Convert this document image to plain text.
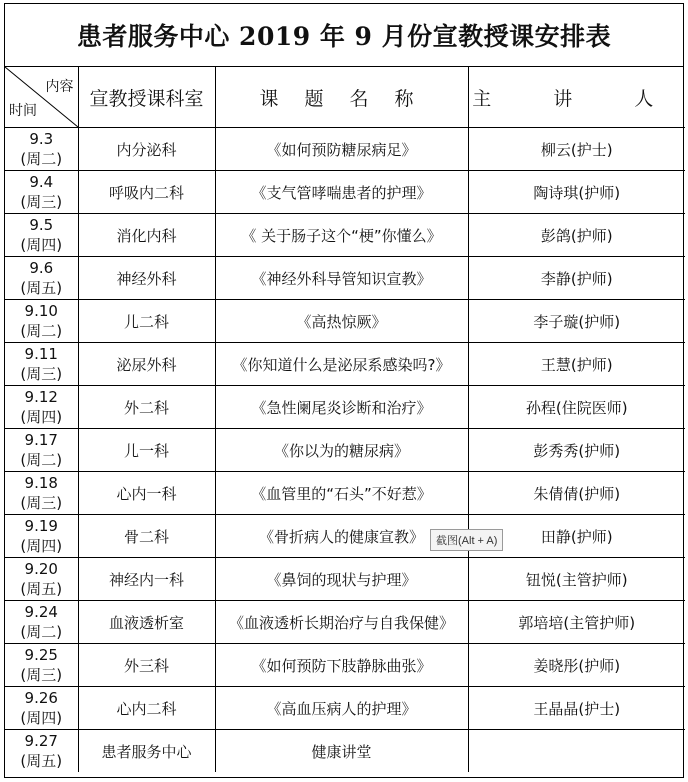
患者服务中心 2019 年 9 月份宣教授课安排表
内容
时间	宣教授课科室	课 题 名 称	主 讲 人

9.3
(周二)	内分泌科	《如何预防糖尿病足》	柳云(护士)

9.4
(周三)	呼吸内二科	《支气管哮喘患者的护理》	陶诗琪(护师)

9.5
(周四)	消化内科	《 关于肠子这个“梗”你懂么》	彭鸽(护师)

9.6
(周五)	神经外科	《神经外科导管知识宣教》	李静(护师)

9.10
(周二)	儿二科	《高热惊厥》	李子璇(护师)

9.11
(周三)	泌尿外科	《你知道什么是泌尿系感染吗?》	王慧(护师)

9.12
(周四)	外二科	《急性阑尾炎诊断和治疗》	孙程(住院医师)

9.17
(周二)	儿一科	《你以为的糖尿病》	彭秀秀(护师)

9.18
(周三)	心内一科	《血管里的“石头”不好惹》	朱倩倩(护师)

9.19
(周四)	骨二科	《骨折病人的健康宣教》	田静(护师)

9.20
(周五)	神经内一科	《鼻饲的现状与护理》	钮悦(主管护师)

9.24
(周二)	血液透析室	《血液透析长期治疗与自我保健》	郭培培(主管护师)

9.25
(周三)	外三科	《如何预防下肢静脉曲张》	姜晓彤(护师)

9.26
(周四)	心内二科	《高血压病人的护理》	王晶晶(护士)

9.27
(周五)	患者服务中心	健康讲堂	
截图(Alt + A)
